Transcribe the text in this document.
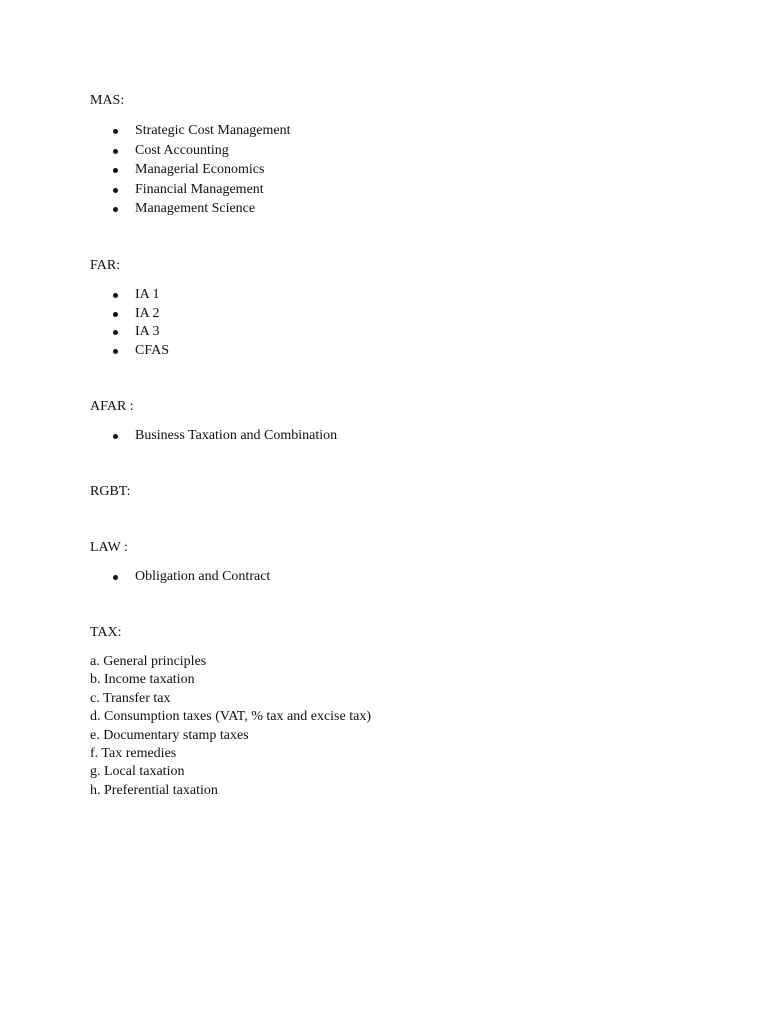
MAS:

Strategic Cost Management
Cost Accounting
Managerial Economics
Financial Management
Management Science

FAR:

IA 1
IA 2
IA 3
CFAS

AFAR :

Business Taxation and Combination

RGBT:

LAW :

Obligation and Contract

TAX:

a. General principles
b. Income taxation
c. Transfer tax
d. Consumption taxes (VAT, % tax and excise tax)
e. Documentary stamp taxes
f. Tax remedies
g. Local taxation
h. Preferential taxation
